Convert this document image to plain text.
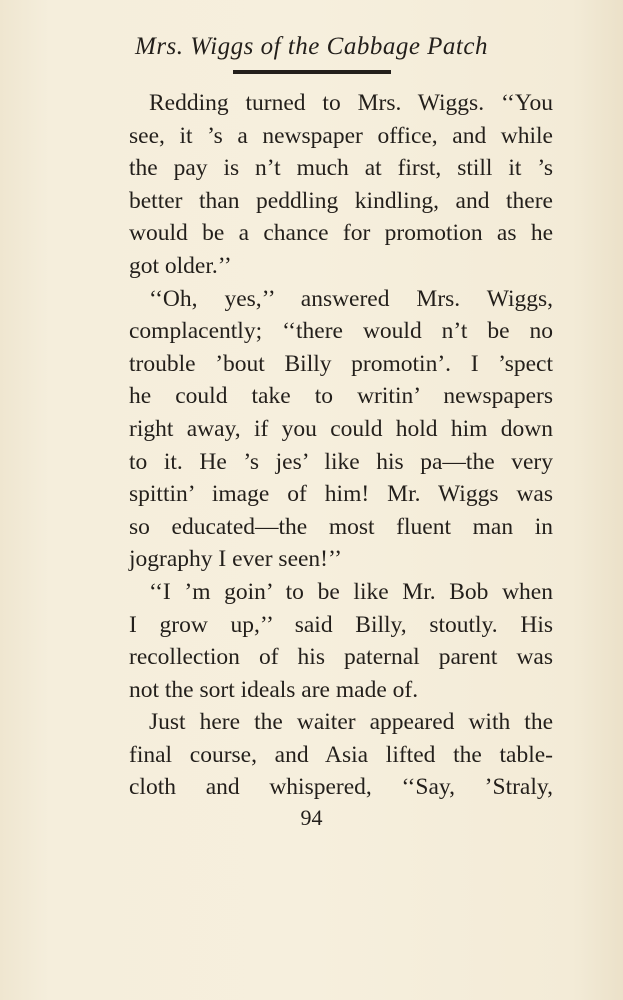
Mrs. Wiggs of the Cabbage Patch
Redding turned to Mrs. Wiggs. ‘‘You
see, it ’s a newspaper office, and while
the pay is n’t much at first, still it ’s
better than peddling kindling, and there
would be a chance for promotion as he
got older.’’
‘‘Oh, yes,’’ answered Mrs. Wiggs,
complacently; ‘‘there would n’t be no
trouble ’bout Billy promotin’. I ’spect
he could take to writin’ newspapers
right away, if you could hold him down
to it. He ’s jes’ like his pa—the very
spittin’ image of him! Mr. Wiggs was
so educated—the most fluent man in
jography I ever seen!’’
‘‘I ’m goin’ to be like Mr. Bob when
I grow up,’’ said Billy, stoutly. His
recollection of his paternal parent was
not the sort ideals are made of.
Just here the waiter appeared with the
final course, and Asia lifted the table-
cloth and whispered, ‘‘Say, ’Straly,
94
